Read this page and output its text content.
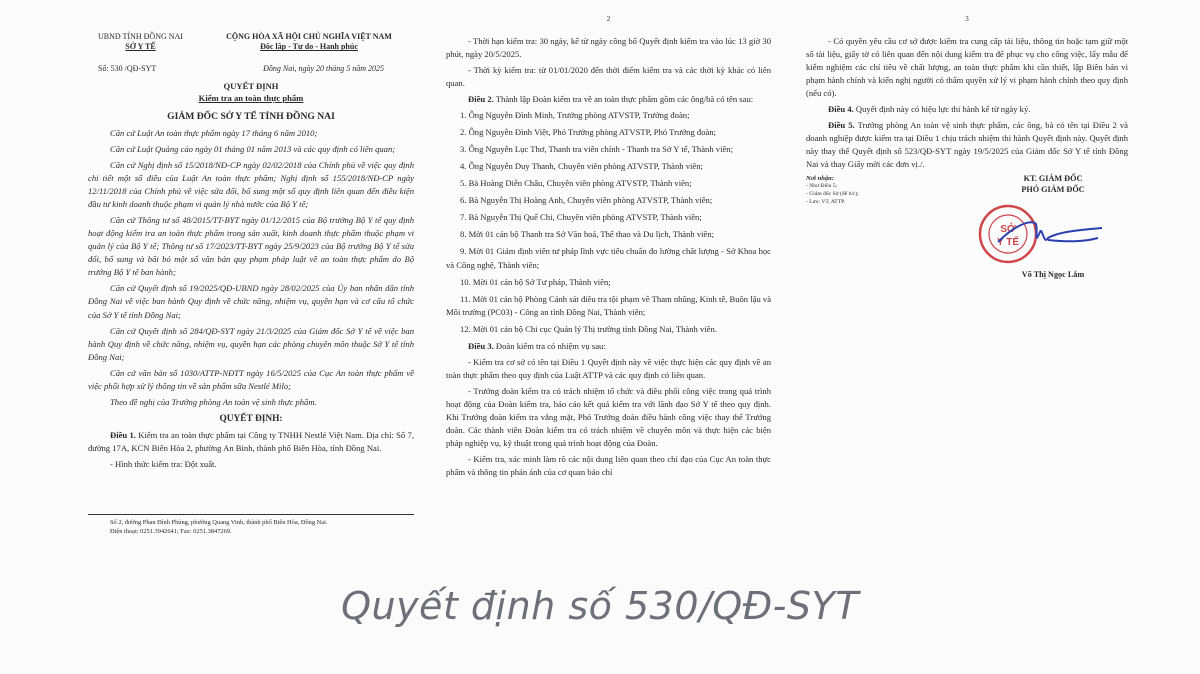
UBND TỈNH ĐỒNG NAI
SỞ Y TẾ
CỘNG HÒA XÃ HỘI CHỦ NGHĨA VIỆT NAM
Độc lập - Tự do - Hạnh phúc
Số: 530 /QĐ-SYT	Đồng Nai, ngày 20 tháng 5 năm 2025
QUYẾT ĐỊNH
Kiểm tra an toàn thực phẩm
GIÁM ĐỐC SỞ Y TẾ TỈNH ĐỒNG NAI
Căn cứ Luật An toàn thực phẩm ngày 17 tháng 6 năm 2010;
Căn cứ Luật Quảng cáo ngày 01 tháng 01 năm 2013 và các quy định có liên quan;
Căn cứ Nghị định số 15/2018/NĐ-CP ngày 02/02/2018 của Chính phủ về việc quy định chi tiết một số điều của Luật An toàn thực phẩm; Nghị định số 155/2018/NĐ-CP ngày 12/11/2018 của Chính phủ về việc sửa đổi, bổ sung một số quy định liên quan đến điều kiện đầu tư kinh doanh thuộc phạm vi quản lý nhà nước của Bộ Y tế;
Căn cứ Thông tư số 48/2015/TT-BYT ngày 01/12/2015 của Bộ trưởng Bộ Y tế quy định hoạt động kiểm tra an toàn thực phẩm trong sản xuất, kinh doanh thực phẩm thuộc phạm vi quản lý của Bộ Y tế; Thông tư số 17/2023/TT-BYT ngày 25/9/2023 của Bộ trưởng Bộ Y tế sửa đổi, bổ sung và bãi bỏ một số văn bản quy phạm pháp luật về an toàn thực phẩm do Bộ trưởng Bộ Y tế ban hành;
Căn cứ Quyết định số 19/2025/QĐ-UBND ngày 28/02/2025 của Ủy ban nhân dân tỉnh Đồng Nai về việc ban hành Quy định về chức năng, nhiệm vụ, quyền hạn và cơ cấu tổ chức của Sở Y tế tỉnh Đồng Nai;
Căn cứ Quyết định số 284/QĐ-SYT ngày 21/3/2025 của Giám đốc Sở Y tế về việc ban hành Quy định về chức năng, nhiệm vụ, quyền hạn các phòng chuyên môn thuộc Sở Y tế tỉnh Đồng Nai;
Căn cứ văn bản số 1030/ATTP-NĐTT ngày 16/5/2025 của Cục An toàn thực phẩm về việc phối hợp xử lý thông tin về sản phẩm sữa Nestlé Milo;
Theo đề nghị của Trưởng phòng An toàn vệ sinh thực phẩm.
QUYẾT ĐỊNH:
Điều 1. Kiểm tra an toàn thực phẩm tại Công ty TNHH Nestlé Việt Nam. Địa chỉ: Số 7, đường 17A, KCN Biên Hòa 2, phường An Bình, thành phố Biên Hòa, tỉnh Đồng Nai.
- Hình thức kiểm tra: Đột xuất.
Số 2, đường Phan Đình Phùng, phường Quang Vinh, thành phố Biên Hòa, Đồng Nai.
Điện thoại: 0251.3942641; Fax: 0251.3847269.
2
- Thời hạn kiểm tra: 30 ngày, kể từ ngày công bố Quyết định kiểm tra vào lúc 13 giờ 30 phút, ngày 20/5/2025.
- Thời kỳ kiểm tra: từ 01/01/2020 đến thời điểm kiểm tra và các thời kỳ khác có liên quan.
Điều 2. Thành lập Đoàn kiểm tra về an toàn thực phẩm gồm các ông/bà có tên sau:
1. Ông Nguyễn Đình Minh, Trưởng phòng ATVSTP, Trưởng đoàn;
2. Ông Nguyễn Đình Việt, Phó Trưởng phòng ATVSTP, Phó Trưởng đoàn;
3. Ông Nguyễn Lục Thơ, Thanh tra viên chính - Thanh tra Sở Y tế, Thành viên;
4. Ông Nguyễn Duy Thanh, Chuyên viên phòng ATVSTP, Thành viên;
5. Bà Hoàng Diễn Châu, Chuyên viên phòng ATVSTP, Thành viên;
6. Bà Nguyễn Thị Hoàng Anh, Chuyên viên phòng ATVSTP, Thành viên;
7. Bà Nguyễn Thị Quế Chi, Chuyên viên phòng ATVSTP, Thành viên;
8. Mời 01 cán bộ Thanh tra Sở Văn hoá, Thể thao và Du lịch, Thành viên;
9. Mời 01 Giám định viên tư pháp lĩnh vực tiêu chuẩn đo lường chất lượng - Sở Khoa học và Công nghệ, Thành viên;
10. Mời 01 cán bộ Sở Tư pháp, Thành viên;
11. Mời 01 cán bộ Phòng Cảnh sát điều tra tội phạm về Tham nhũng, Kinh tế, Buôn lậu và Môi trường (PC03) - Công an tỉnh Đồng Nai, Thành viên;
12. Mời 01 cán bộ Chi cục Quản lý Thị trường tỉnh Đồng Nai, Thành viên.
Điều 3. Đoàn kiểm tra có nhiệm vụ sau:
- Kiểm tra cơ sở có tên tại Điều 1 Quyết định này về việc thực hiện các quy định về an toàn thực phẩm theo quy định của Luật ATTP và các quy định có liên quan.
- Trưởng đoàn kiểm tra có trách nhiệm tổ chức và điều phối công việc trong quá trình hoạt động của Đoàn kiểm tra, báo cáo kết quả kiểm tra với lãnh đạo Sở Y tế theo quy định. Khi Trưởng đoàn kiểm tra vắng mặt, Phó Trưởng đoàn điều hành công việc thay thế Trưởng đoàn. Các thành viên Đoàn kiểm tra có trách nhiệm về chuyên môn và thực hiện các biện pháp nghiệp vụ, kỹ thuật trong quá trình hoạt động của Đoàn.
- Kiểm tra, xác minh làm rõ các nội dung liên quan theo chỉ đạo của Cục An toàn thực phẩm và thông tin phản ánh của cơ quan báo chí
3
- Có quyền yêu cầu cơ sở được kiểm tra cung cấp tài liệu, thông tin hoặc tạm giữ một số tài liệu, giấy tờ có liên quan đến nội dung kiểm tra để phục vụ cho công việc, lấy mẫu để kiểm nghiệm các chỉ tiêu về chất lượng, an toàn thực phẩm khi cần thiết, lập Biên bản vi phạm hành chính và kiến nghị người có thẩm quyền xử lý vi phạm hành chính theo quy định (nếu có).
Điều 4. Quyết định này có hiệu lực thi hành kể từ ngày ký.
Điều 5. Trưởng phòng An toàn vệ sinh thực phẩm, các ông, bà có tên tại Điều 2 và doanh nghiệp được kiểm tra tại Điều 1 chịu trách nhiệm thi hành Quyết định này. Quyết định này thay thế Quyết định số 523/QĐ-SYT ngày 19/5/2025 của Giám đốc Sở Y tế tỉnh Đồng Nai và thay Giấy mời các đơn vị./.
Nơi nhận:
- Như Điều 5;
- Giám đốc Sở (để b/c);
- Lưu: VT, ATTP.
KT. GIÁM ĐỐC
PHÓ GIÁM ĐỐC
SỞ
Y TẾ
Võ Thị Ngọc Lắm
Quyết định số 530/QĐ-SYT
